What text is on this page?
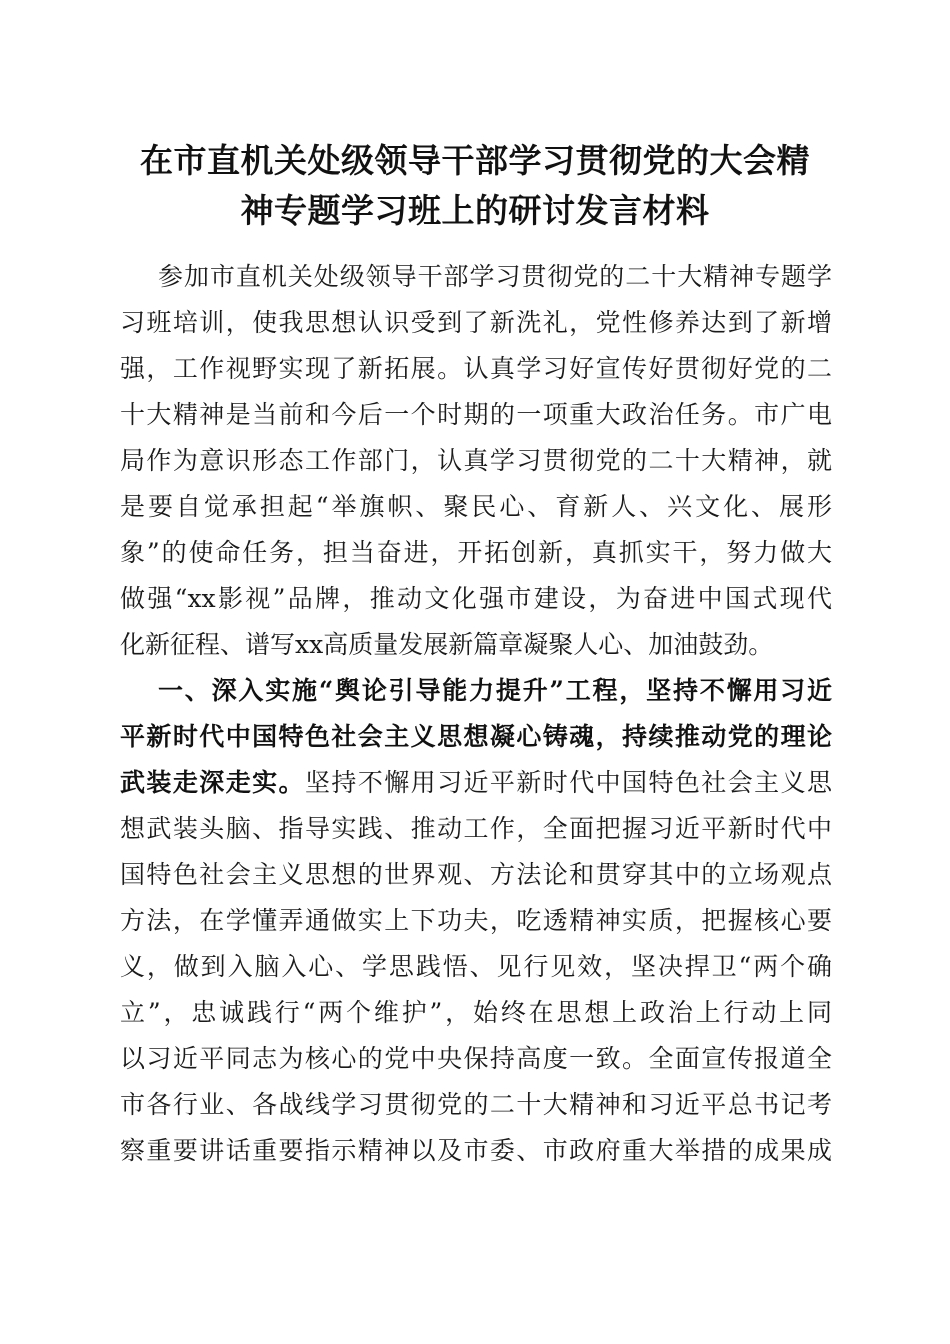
在市直机关处级领导干部学习贯彻党的大会精
神专题学习班上的研讨发言材料
参加市直机关处级领导干部学习贯彻党的二十大精神专题学
习班培训，使我思想认识受到了新洗礼，党性修养达到了新增
强，工作视野实现了新拓展。认真学习好宣传好贯彻好党的二
十大精神是当前和今后一个时期的一项重大政治任务。市广电
局作为意识形态工作部门，认真学习贯彻党的二十大精神，就
是要自觉承担起“举旗帜、聚民心、育新人、兴文化、展形
象”的使命任务，担当奋进，开拓创新，真抓实干，努力做大
做强“xx影视”品牌，推动文化强市建设，为奋进中国式现代
化新征程、谱写xx高质量发展新篇章凝聚人心、加油鼓劲。
一、深入实施“舆论引导能力提升”工程，坚持不懈用习近
平新时代中国特色社会主义思想凝心铸魂，持续推动党的理论
武装走深走实。坚持不懈用习近平新时代中国特色社会主义思
想武装头脑、指导实践、推动工作，全面把握习近平新时代中
国特色社会主义思想的世界观、方法论和贯穿其中的立场观点
方法，在学懂弄通做实上下功夫，吃透精神实质，把握核心要
义，做到入脑入心、学思践悟、见行见效，坚决捍卫“两个确
立”，忠诚践行“两个维护”，始终在思想上政治上行动上同
以习近平同志为核心的党中央保持高度一致。全面宣传报道全
市各行业、各战线学习贯彻党的二十大精神和习近平总书记考
察重要讲话重要指示精神以及市委、市政府重大举措的成果成
